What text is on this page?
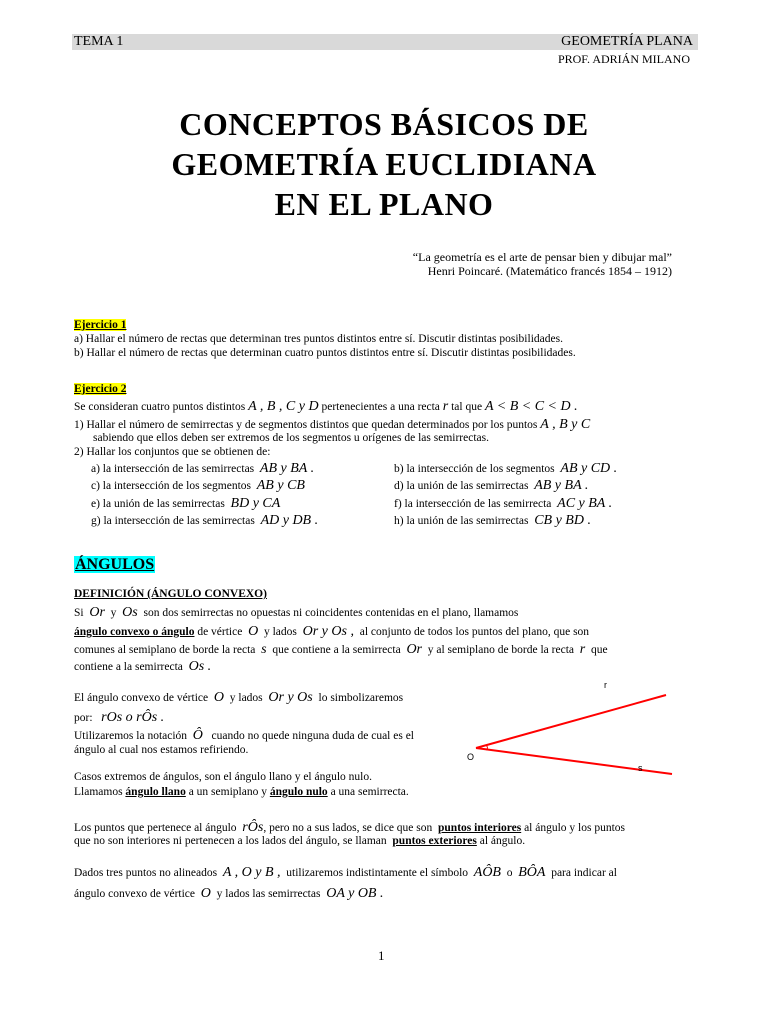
TEMA 1	GEOMETRÍA PLANA
PROF. ADRIÁN MILANO
CONCEPTOS BÁSICOS DE
GEOMETRÍA EUCLIDIANA
EN EL PLANO
“La geometría es el arte de pensar bien y dibujar mal”
Henri Poincaré. (Matemático francés 1854 – 1912)
Ejercicio 1
a) Hallar el número de rectas que determinan tres puntos distintos entre sí. Discutir distintas posibilidades.
b) Hallar el número de rectas que determinan cuatro puntos distintos entre sí. Discutir distintas posibilidades.
Ejercicio 2
Se consideran cuatro puntos distintos A , B , C y D pertenecientes a una recta r tal que A < B < C < D .
1) Hallar el número de semirrectas y de segmentos distintos que quedan determinados por los puntos A , B y C
sabiendo que ellos deben ser extremos de los segmentos u orígenes de las semirrectas.
2) Hallar los conjuntos que se obtienen de:
a) la intersección de las semirrectas AB y BA .	b) la intersección de los segmentos AB y CD .
c) la intersección de los segmentos AB y CB	d) la unión de las semirrectas AB y BA .
e) la unión de las semirrectas BD y CA	f) la intersección de las semirrecta AC y BA .
g) la intersección de las semirrectas AD y DB .	h) la unión de las semirrectas CB y BD .
ÁNGULOS
DEFINICIÓN (ÁNGULO CONVEXO)
Si Or y Os son dos semirrectas no opuestas ni coincidentes contenidas en el plano, llamamos
ángulo convexo o ángulo de vértice O y lados Or y Os , al conjunto de todos los puntos del plano, que son
comunes al semiplano de borde la recta s que contiene a la semirrecta Or y al semiplano de borde la recta r que
contiene a la semirrecta Os .
El ángulo convexo de vértice O y lados Or y Os lo simbolizaremos
por: rOs o rÔs .
Utilizaremos la notación Ô cuando no quede ninguna duda de cual es el
ángulo al cual nos estamos refiriendo.
Casos extremos de ángulos, son el ángulo llano y el ángulo nulo.
Llamamos ángulo llano a un semiplano y ángulo nulo a una semirrecta.
Los puntos que pertenece al ángulo rÔs, pero no a sus lados, se dice que son puntos interiores al ángulo y los puntos
que no son interiores ni pertenecen a los lados del ángulo, se llaman puntos exteriores al ángulo.
Dados tres puntos no alineados A , O y B , utilizaremos indistintamente el símbolo AÔB o BÔA para indicar al
ángulo convexo de vértice O y lados las semirrectas OA y OB .
r
s
O
1
